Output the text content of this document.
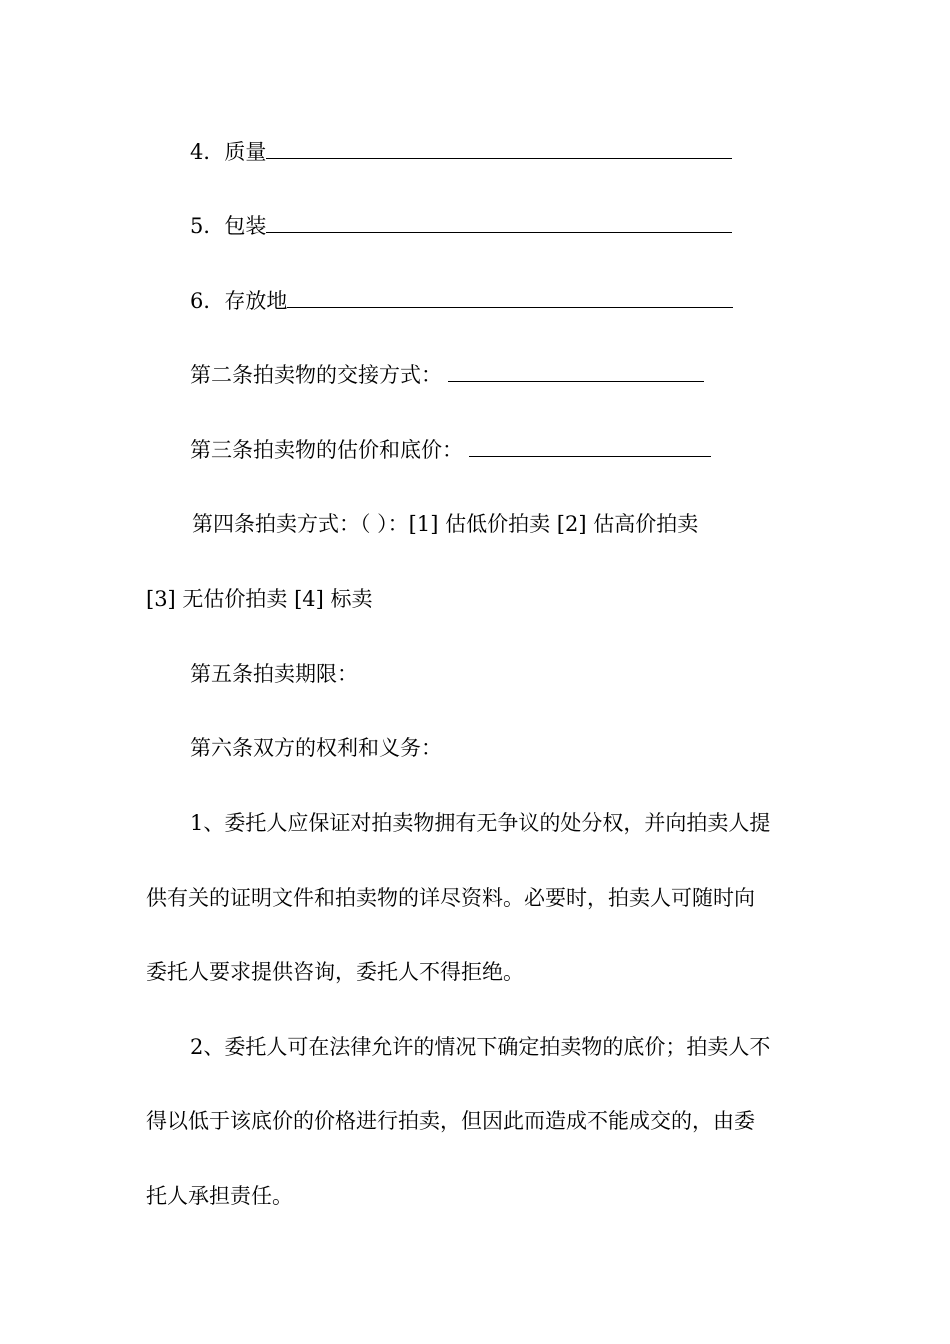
4．质量
5．包装
6．存放地
第二条拍卖物的交接方式：
第三条拍卖物的估价和底价：
第四条拍卖方式：（ ）：[1] 估低价拍卖 [2] 估高价拍卖
[3] 无估价拍卖 [4] 标卖
第五条拍卖期限：
第六条双方的权利和义务：
1、委托人应保证对拍卖物拥有无争议的处分权，并向拍卖人提
供有关的证明文件和拍卖物的详尽资料。必要时，拍卖人可随时向
委托人要求提供咨询，委托人不得拒绝。
2、委托人可在法律允许的情况下确定拍卖物的底价；拍卖人不
得以低于该底价的价格进行拍卖，但因此而造成不能成交的，由委
托人承担责任。
